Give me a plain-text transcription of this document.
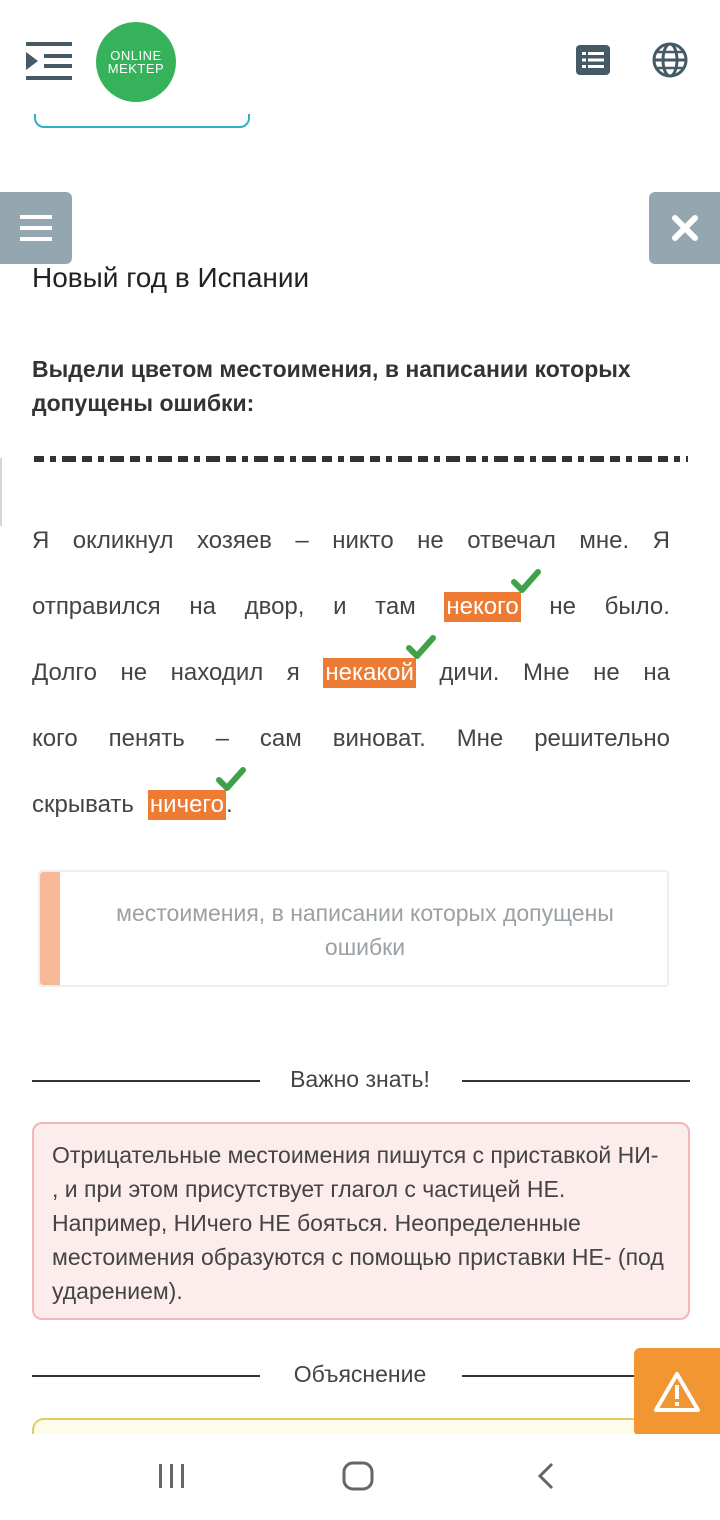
ONLINE
MEKTEP
Новый год в Испании
Выдели цветом местоимения, в написании которых допущены ошибки:
Я окликнул хозяев – никто не отвечал мне. Я
отправился на двор, и там некого не было.
Долго не находил я некакой дичи. Мне не на
кого пенять – сам виноват. Мне решительно
скрывать ничего .
местоимения, в написании которых допущены ошибки
Важно знать!
Отрицательные местоимения пишутся с приставкой НИ- , и при этом присутствует глагол с частицей НЕ. Например, НИчего НЕ бояться. Неопределенные местоимения образуются с помощью приставки НЕ- (под ударением).
Объяснение
